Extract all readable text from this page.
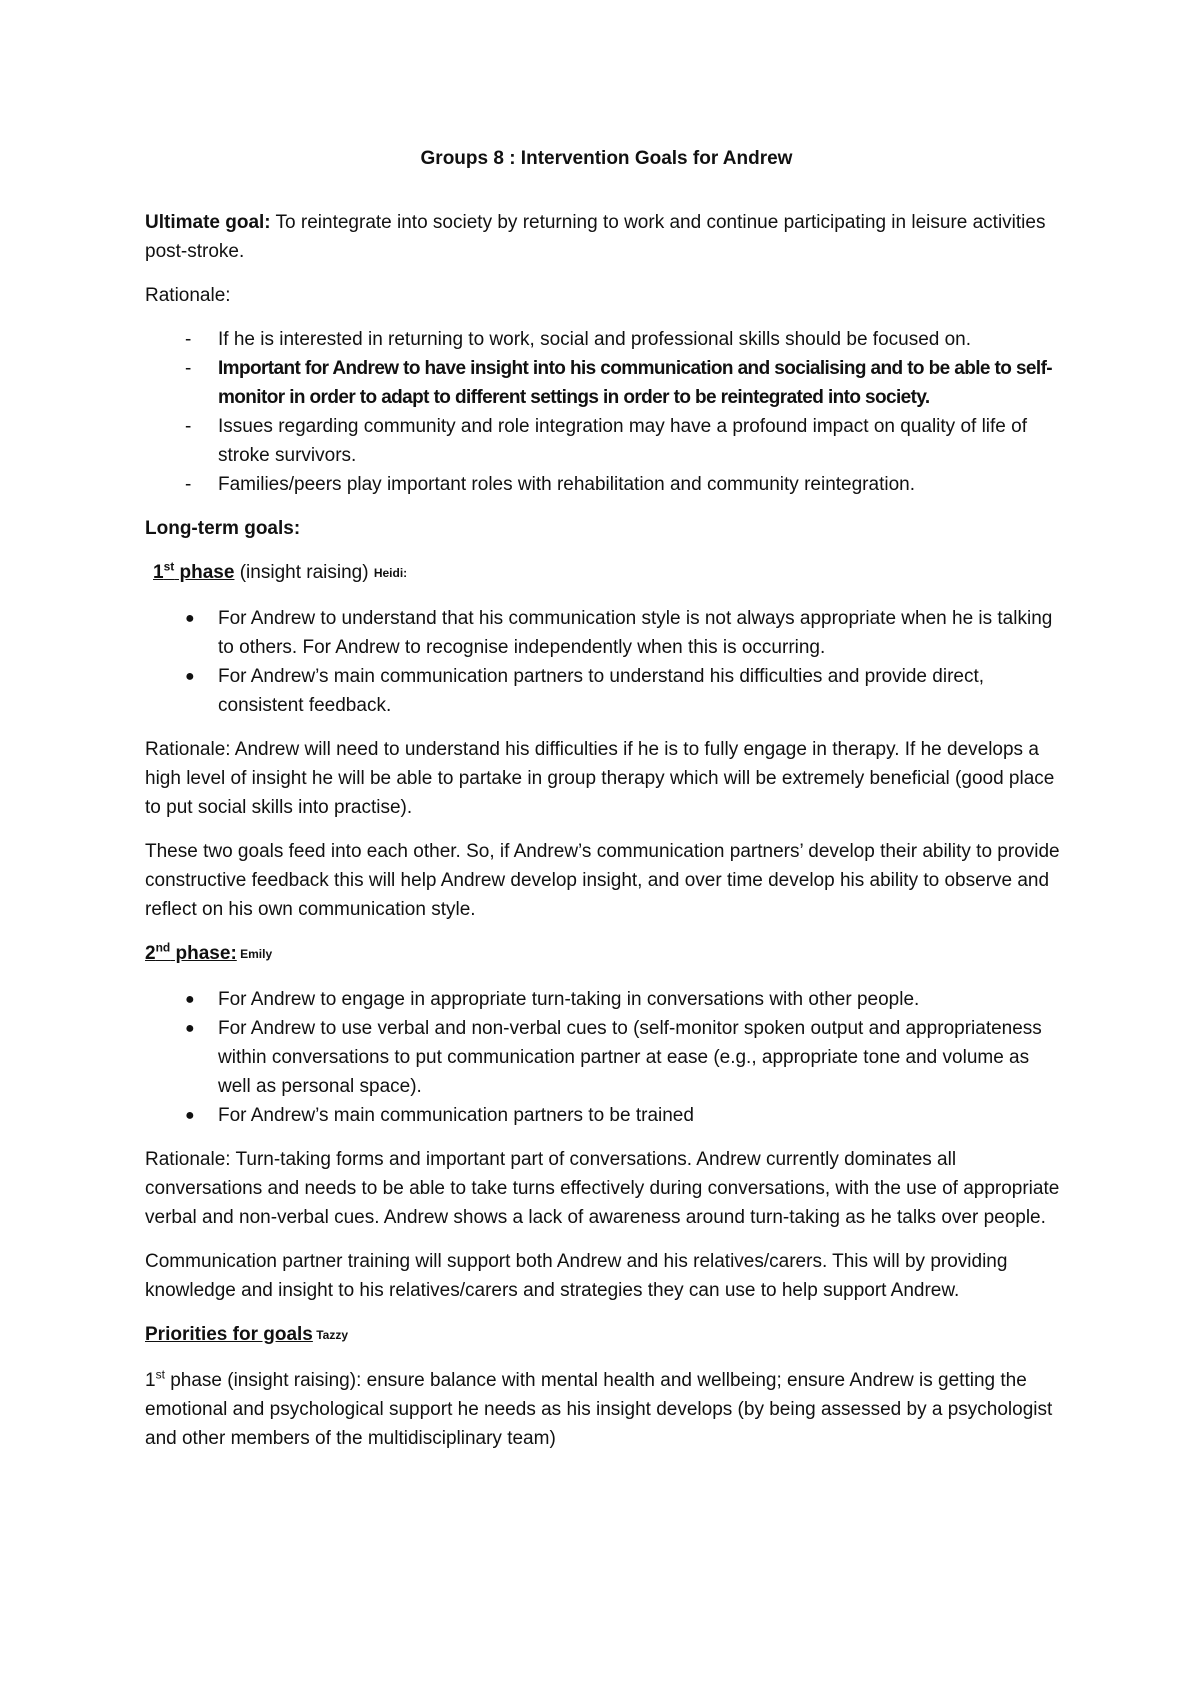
Groups 8 : Intervention Goals for Andrew

Ultimate goal: To reintegrate into society by returning to work and continue participating in leisure activities post-stroke.

Rationale:

- If he is interested in returning to work, social and professional skills should be focused on.
- Important for Andrew to have insight into his communication and socialising and to be able to self-monitor in order to adapt to different settings in order to be reintegrated into society.
- Issues regarding community and role integration may have a profound impact on quality of life of stroke survivors.
- Families/peers play important roles with rehabilitation and community reintegration.

Long-term goals:

1st phase (insight raising) Heidi:

● For Andrew to understand that his communication style is not always appropriate when he is talking to others. For Andrew to recognise independently when this is occurring.
● For Andrew’s main communication partners to understand his difficulties and provide direct, consistent feedback.

Rationale: Andrew will need to understand his difficulties if he is to fully engage in therapy. If he develops a high level of insight he will be able to partake in group therapy which will be extremely beneficial (good place to put social skills into practise).

These two goals feed into each other. So, if Andrew’s communication partners’ develop their ability to provide constructive feedback this will help Andrew develop insight, and over time develop his ability to observe and reflect on his own communication style.

2nd phase: Emily

● For Andrew to engage in appropriate turn-taking in conversations with other people.
● For Andrew to use verbal and non-verbal cues to (self-monitor spoken output and appropriateness within conversations to put communication partner at ease (e.g., appropriate tone and volume as well as personal space).
● For Andrew’s main communication partners to be trained

Rationale: Turn-taking forms and important part of conversations. Andrew currently dominates all conversations and needs to be able to take turns effectively during conversations, with the use of appropriate verbal and non-verbal cues. Andrew shows a lack of awareness around turn-taking as he talks over people.

Communication partner training will support both Andrew and his relatives/carers. This will by providing knowledge and insight to his relatives/carers and strategies they can use to help support Andrew.

Priorities for goals Tazzy

1st phase (insight raising): ensure balance with mental health and wellbeing; ensure Andrew is getting the emotional and psychological support he needs as his insight develops (by being assessed by a psychologist and other members of the multidisciplinary team)
